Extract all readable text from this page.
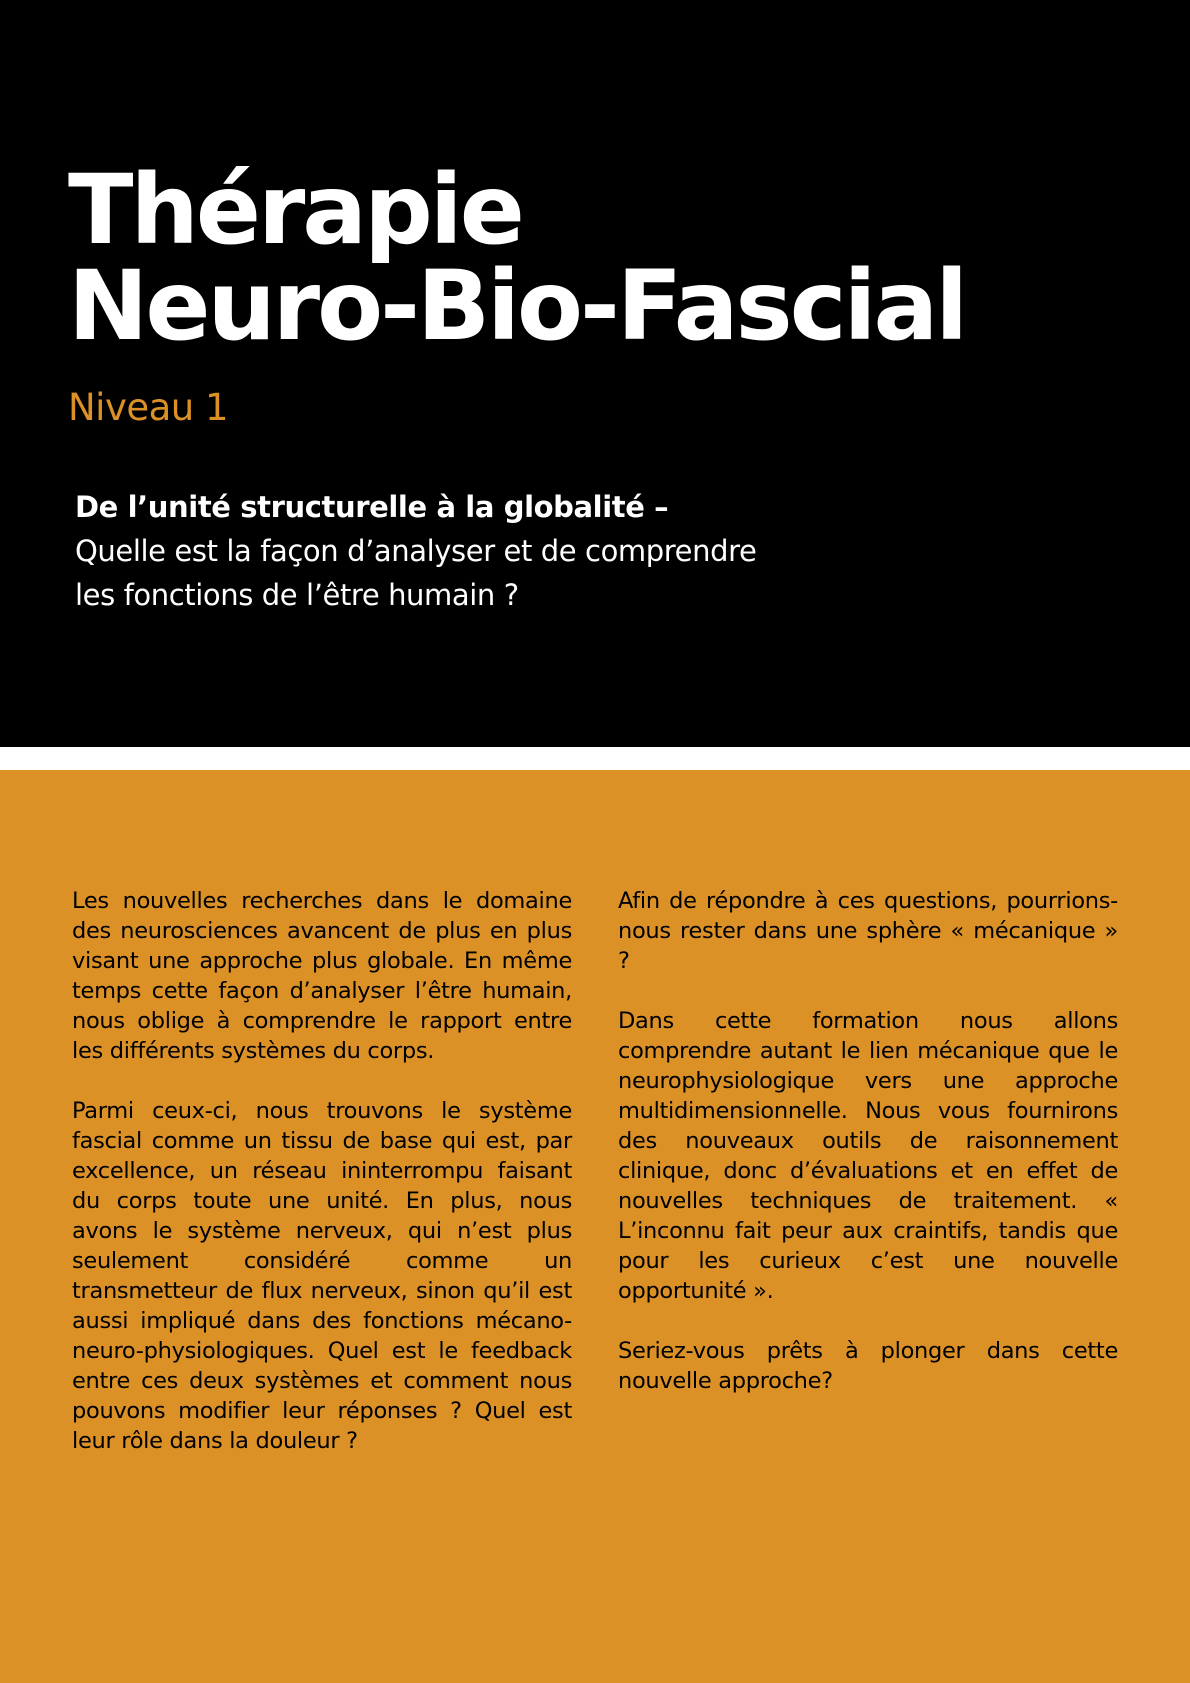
Thérapie
Neuro-Bio-Fascial
Niveau 1
De l’unité structurelle à la globalité –
Quelle est la façon d’analyser et de comprendre
les fonctions de l’être humain ?

Les nouvelles recherches dans le domaine des neurosciences avancent de plus en plus visant une approche plus globale. En même temps cette façon d’analyser l’être humain, nous oblige à comprendre le rapport entre les différents systèmes du corps.

Parmi ceux-ci, nous trouvons le système fascial comme un tissu de base qui est, par excellence, un réseau ininterrompu faisant du corps toute une unité. En plus, nous avons le système nerveux, qui n’est plus seulement considéré comme un transmetteur de flux nerveux, sinon qu’il est aussi impliqué dans des fonctions mécano-neuro-physiologiques. Quel est le feedback entre ces deux systèmes et comment nous pouvons modifier leur réponses ? Quel est leur rôle dans la douleur ?

Afin de répondre à ces questions, pourrions-nous rester dans une sphère « mécanique » ?

Dans cette formation nous allons comprendre autant le lien mécanique que le neurophysiologique vers une approche multidimensionnelle. Nous vous fournirons des nouveaux outils de raisonnement clinique, donc d’évaluations et en effet de nouvelles techniques de traitement. « L’inconnu fait peur aux craintifs, tandis que pour les curieux c’est une nouvelle opportunité ».

Seriez-vous prêts à plonger dans cette nouvelle approche?
